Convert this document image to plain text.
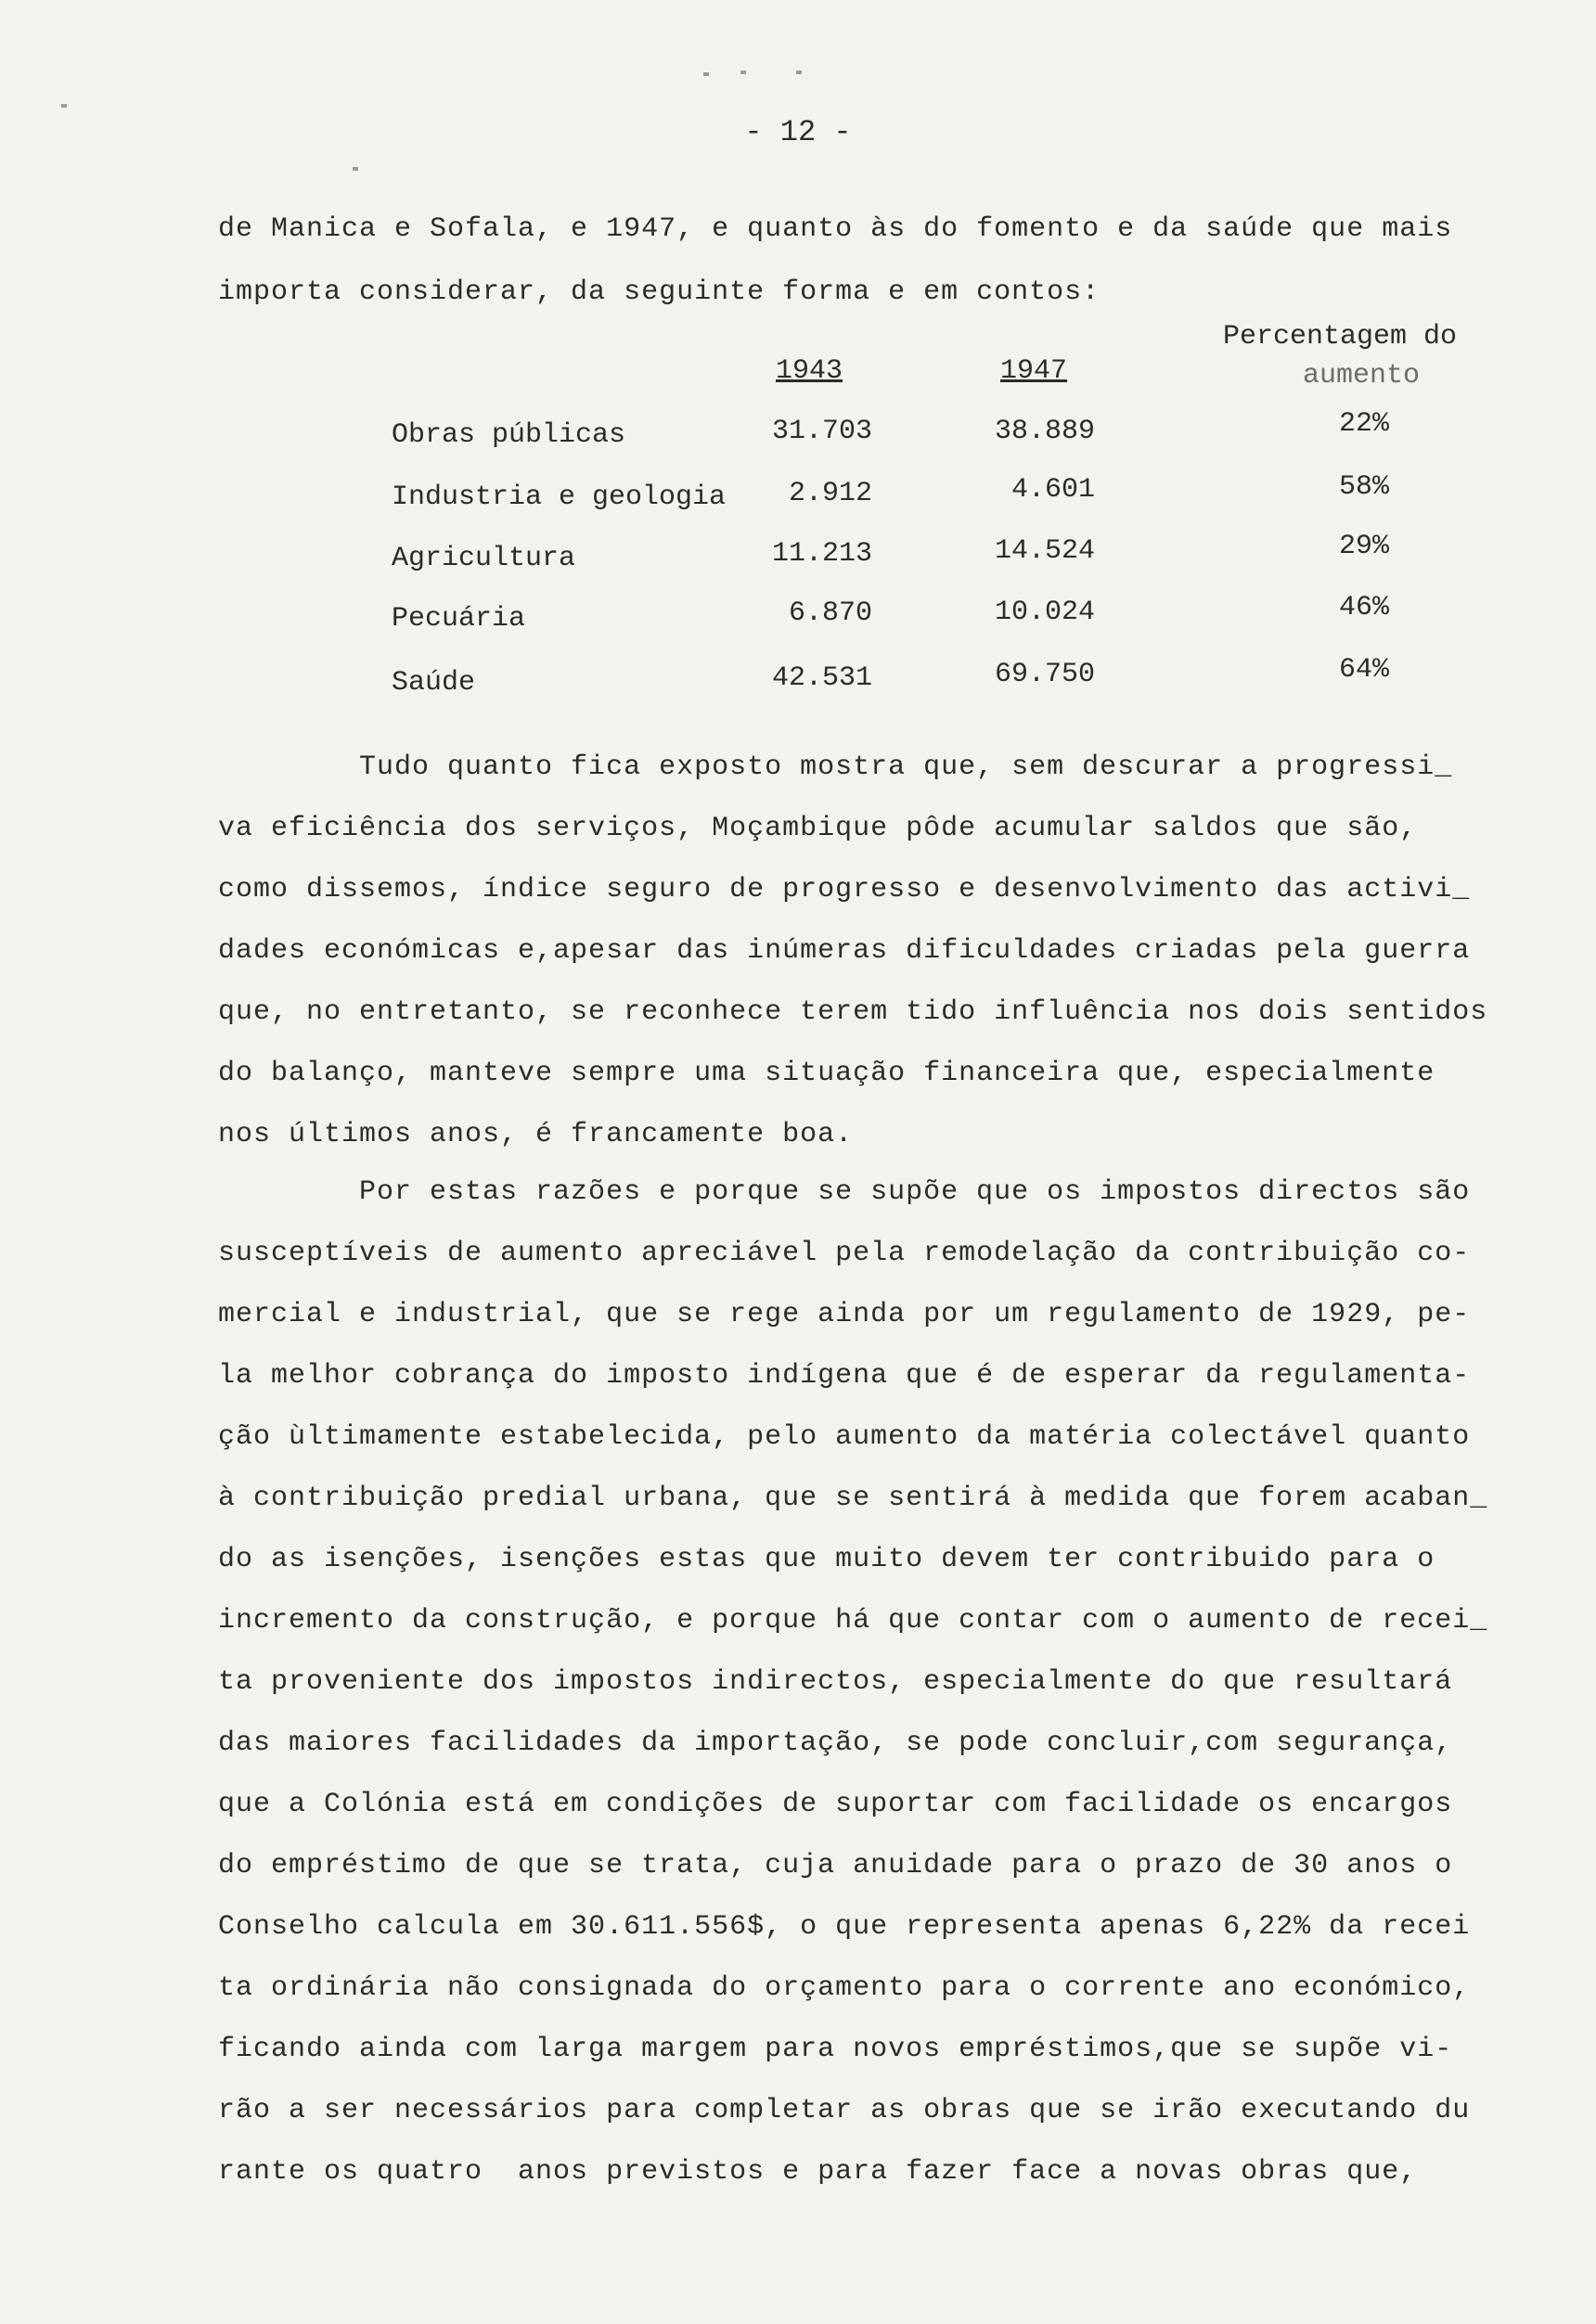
- 12 -
de Manica e Sofala, e 1947, e quanto às do fomento e da saúde que mais
importa considerar, da seguinte forma e em contos:
Percentagem do
1943	1947	aumento
Obras públicas	31.703	38.889	22%
Industria e geologia	2.912	4.601	58%
Agricultura	11.213	14.524	29%
Pecuária	6.870	10.024	46%
Saúde	42.531	69.750	64%
Tudo quanto fica exposto mostra que, sem descurar a progressi_
va eficiência dos serviços, Moçambique pôde acumular saldos que são,
como dissemos, índice seguro de progresso e desenvolvimento das activi_
dades económicas e,apesar das inúmeras dificuldades criadas pela guerra
que, no entretanto, se reconhece terem tido influência nos dois sentidos
do balanço, manteve sempre uma situação financeira que, especialmente
nos últimos anos, é francamente boa.
Por estas razões e porque se supõe que os impostos directos são
susceptíveis de aumento apreciável pela remodelação da contribuição co-
mercial e industrial, que se rege ainda por um regulamento de 1929, pe-
la melhor cobrança do imposto indígena que é de esperar da regulamenta-
ção ùltimamente estabelecida, pelo aumento da matéria colectável quanto
à contribuição predial urbana, que se sentirá à medida que forem acaban_
do as isenções, isenções estas que muito devem ter contribuido para o
incremento da construção, e porque há que contar com o aumento de recei_
ta proveniente dos impostos indirectos, especialmente do que resultará
das maiores facilidades da importação, se pode concluir,com segurança,
que a Colónia está em condições de suportar com facilidade os encargos
do empréstimo de que se trata, cuja anuidade para o prazo de 30 anos o
Conselho calcula em 30.611.556$, o que representa apenas 6,22% da recei
ta ordinária não consignada do orçamento para o corrente ano económico,
ficando ainda com larga margem para novos empréstimos,que se supõe vi-
rão a ser necessários para completar as obras que se irão executando du
rante os quatro  anos previstos e para fazer face a novas obras que,
